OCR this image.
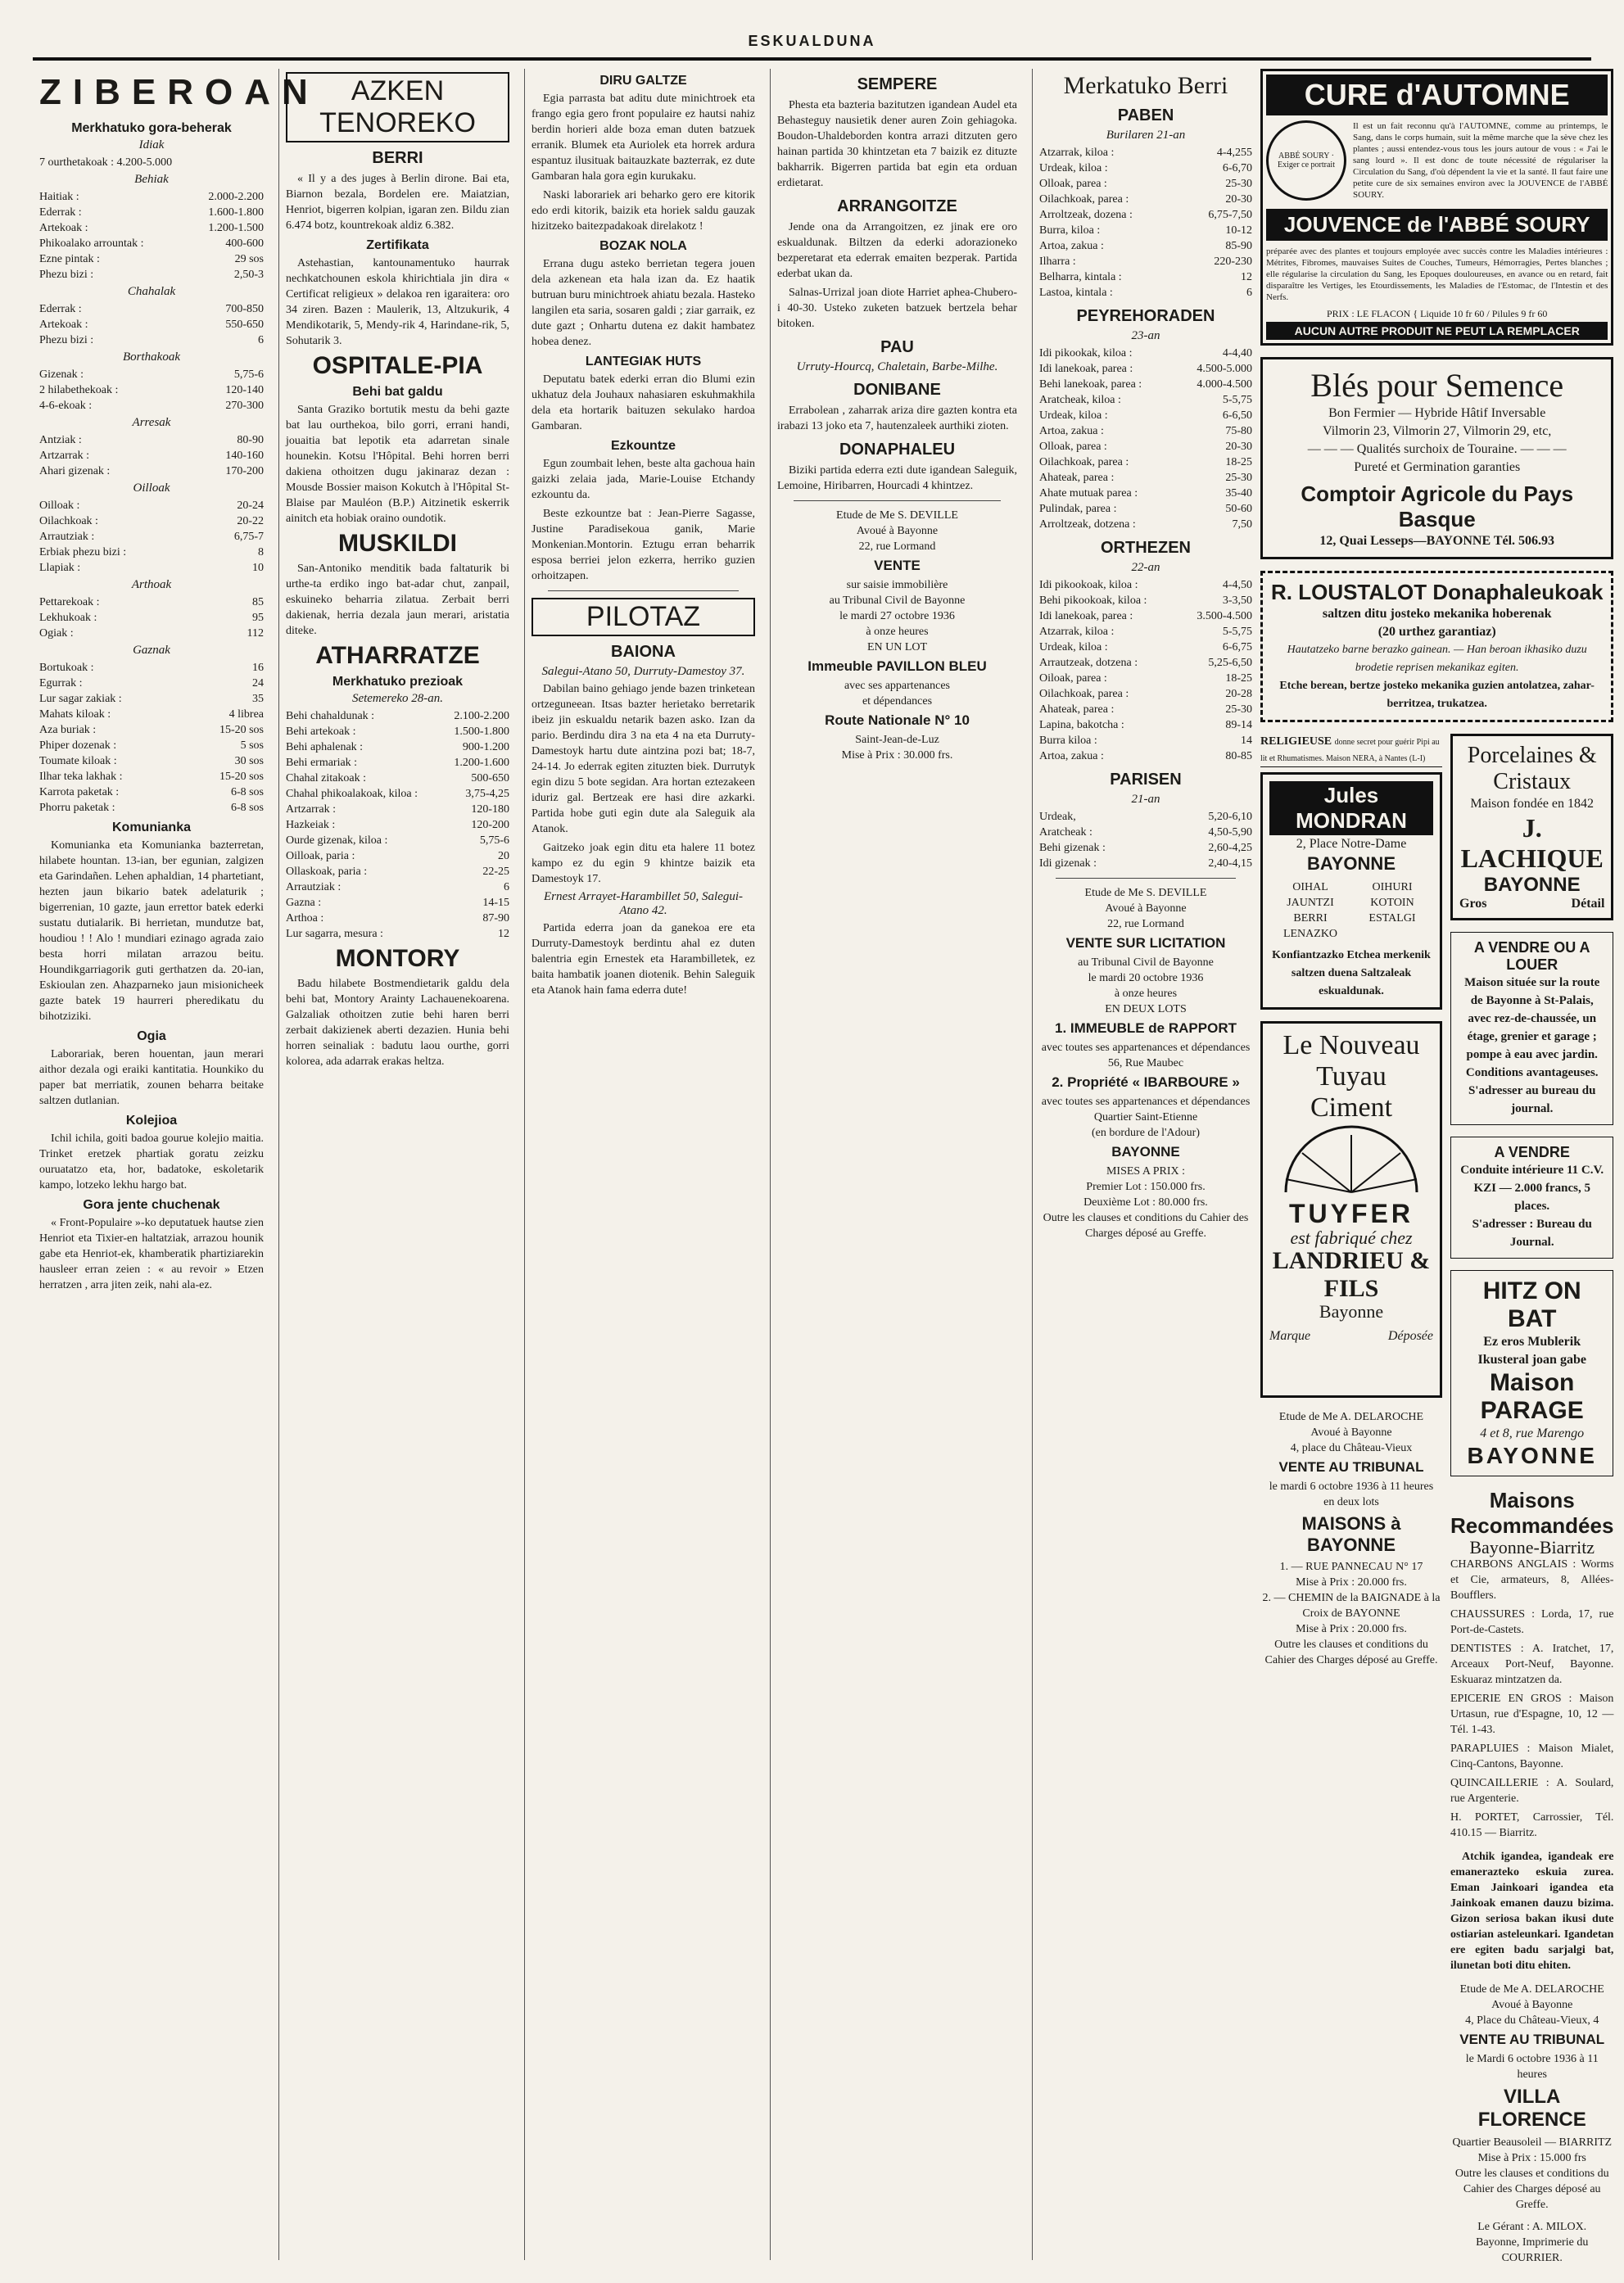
ESKUALDUNA
ZIBEROAN
Merkhatuko gora-beherak
Idiak
7 ourthetakoak : 4.200-5.000
Behiak
Haitiak :	2.000-2.200
Ederrak :	1.600-1.800
Artekoak :	1.200-1.500
Phikoalako arrountak :	400-600
Ezne pintak :	29 sos
Phezu bizi :	2,50-3
Chahalak
Ederrak :	700-850
Artekoak :	550-650
Phezu bizi :	6
Borthakoak
Gizenak :	5,75-6
2 hilabethekoak :	120-140
4-6-ekoak :	270-300
Arresak
Antziak :	80-90
Artzarrak :	140-160
Ahari gizenak :	170-200
Oilloak
Oilloak :	20-24
Oilachkoak :	20-22
Arrautziak :	6,75-7
Erbiak phezu bizi :	8
Llapiak :	10
Arthoak
Pettarekoak :	85
Lekhukoak :	95
Ogiak :	112
Gaznak
Bortukoak :	16
Egurrak :	24
Lur sagar zakiak :	35
Mahats kiloak :	4 librea
Aza buriak :	15-20 sos
Phiper dozenak :	5 sos
Toumate kiloak :	30 sos
Ilhar teka lakhak :	15-20 sos
Karrota paketak :	6-8 sos
Phorru paketak :	6-8 sos
Komunianka

Komunianka eta Komunianka bazterretan, hilabete hountan. 13-ian, ber egunian, zalgizen eta Garindañen. Lehen aphaldian, 14 phartetiant, hezten jaun bikario batek adelaturik ; bigerrenian, 10 gazte, jaun errettor batek ederki sustatu dutialarik. Bi herrietan, mundutze bat, houdiou ! ! Alo ! mundiari ezinago agrada zaio besta horri milatan arrazou beitu. Houndikgarriagorik guti gerthatzen da. 20-ian, Eskioulan zen. Ahazparneko jaun misionicheek gazte batek 19 haurreri pheredikatu du bihotziziki.

Ogia

Laborariak, beren houentan, jaun merari aithor dezala ogi eraiki kantitatia. Hounkiko du paper bat merriatik, zounen beharra beitake saltzen dutlanian.

Kolejioa

Ichil ichila, goiti badoa gourue kolejio maitia. Trinket eretzek phartiak goratu zeizku ouruatatzo eta, hor, badatoke, eskoletarik kampo, lotzeko lekhu hargo bat.

Gora jente chuchenak

« Front-Populaire »-ko deputatuek hautse zien Henriot eta Tixier-en haltatziak, arrazou hounik gabe eta Henriot-ek, khamberatik phartiziarekin hausleer erran zeien : « au revoir » Etzen herratzen , arra jiten zeik, nahi ala-ez.

AZKEN TENOREKO
BERRI

« Il y a des juges à Berlin dirone. Bai eta, Biarnon bezala, Bordelen ere. Maiatzian, Henriot, bigerren kolpian, igaran zen. Bildu zian 6.474 botz, kountrekoak aldiz 6.382.

Zertifikata

Astehastian, kantounamentuko haurrak nechkatchounen eskola khirichtiala jin dira « Certificat religieux » delakoa ren igaraitera: oro 34 ziren. Bazen : Maulerik, 13, Altzukurik, 4 Mendikotarik, 5, Mendy-rik 4, Harindane-rik, 5, Sohutarik 3.

OSPITALE-PIA
Behi bat galdu

Santa Graziko bortutik mestu da behi gazte bat lau ourthekoa, bilo gorri, errani handi, jouaitia bat lepotik eta adarretan sinale hounekin. Kotsu l'Hôpital. Behi horren berri dakiena othoitzen dugu jakinaraz dezan : Mousde Bossier maison Kokutch à l'Hôpital St-Blaise par Mauléon (B.P.) Aitzinetik eskerrik ainitch eta hobiak oraino oundotik.

MUSKILDI

San-Antoniko menditik bada faltaturik bi urthe-ta erdiko ingo bat-adar chut, zanpail, eskuineko beharria zilatua. Zerbait berri dakienak, herria dezala jaun merari, aristatia diteke.

ATHARRATZE
Merkhatuko prezioak
Setemereko 28-an.
Behi chahaldunak :	2.100-2.200
Behi artekoak :	1.500-1.800
Behi aphalenak :	900-1.200
Behi ermariak :	1.200-1.600
Chahal zitakoak :	500-650
Chahal phikoalakoak, kiloa :	3,75-4,25
Artzarrak :	120-180
Hazkeiak :	120-200
Ourde gizenak, kiloa :	5,75-6
Oilloak, paria :	20
Ollaskoak, paria :	22-25
Arrautziak :	6
Gazna :	14-15
Arthoa :	87-90
Lur sagarra, mesura :	12
MONTORY

Badu hilabete Bostmendietarik galdu dela behi bat, Montory Arainty Lachauenekoarena. Galzaliak othoitzen zutie behi haren berri zerbait dakizienek aberti dezazien. Hunia behi horren seinaliak : badutu laou ourthe, gorri kolorea, ada adarrak erakas heltza.

DIRU GALTZE

Egia parrasta bat aditu dute minichtroek eta frango egia gero front populaire ez hautsi nahiz berdin horieri alde boza eman duten batzuek erranik. Blumek eta Auriolek eta horrek ardura espantuz ilusituak baitauzkate bazterrak, ez dute Gambaran hala gora egin kurukaku.

Naski laborariek ari beharko gero ere kitorik edo erdi kitorik, baizik eta horiek saldu gauzak hizitzeko baitezpadakoak direlakotz !

BOZAK NOLA

Errana dugu asteko berrietan tegera jouen dela azkenean eta hala izan da. Ez haatik butruan buru minichtroek ahiatu bezala. Hasteko langilen eta saria, sosaren galdi ; ziar garraik, ez dute gazt ; Onhartu dutena ez dakit hambatez hobea denez.

LANTEGIAK HUTS

Deputatu batek ederki erran dio Blumi ezin ukhatuz dela Jouhaux nahasiaren eskuhmakhila dela eta hortarik baituzen sekulako hardoa Gambaran.

Ezkountze

Egun zoumbait lehen, beste alta gachoua hain gaizki zelaia jada, Marie-Louise Etchandy ezkountu da.

Beste ezkountze bat : Jean-Pierre Sagasse, Justine Paradisekoua ganik, Marie Monkenian.Montorin. Eztugu erran beharrik esposa berriei jelon ezkerra, herriko guzien orhoitzapen.

PILOTAZ
BAIONA
Salegui-Atano 50, Durruty-Damestoy 37.

Dabilan baino gehiago jende bazen trinketean ortzeguneean. Itsas bazter herietako berretarik ibeiz jin eskualdu netarik bazen asko. Izan da pario. Berdindu dira 3 na eta 4 na eta Durruty-Damestoyk hartu dute aintzina pozi bat; 18-7, 24-14. Jo ederrak egiten zituzten biek. Durrutyk egin dizu 5 bote segidan. Ara hortan eztezakeen iduriz gal. Bertzeak ere hasi dire azkarki. Partida hobe guti egin dute ala Saleguik ala Atanok.

Gaitzeko joak egin ditu eta halere 11 botez kampo ez du egin 9 khintze baizik eta Damestoyk 17.

Ernest Arrayet-Harambillet 50, Salegui-Atano 42.

Partida ederra joan da ganekoa ere eta Durruty-Damestoyk berdintu ahal ez duten balentria egin Ernestek eta Harambilletek, ez baita hambatik joanen diotenik. Behin Saleguik eta Atanok hain fama ederra dute!

SEMPERE

Phesta eta bazteria bazitutzen igandean Audel eta Behasteguy nausietik dener auren Zoin gehiagoka. Boudon-Uhaldeborden kontra arrazi ditzuten gero hainan partida 30 khintzetan eta 7 baizik ez dituzte bakharrik. Bigerren partida bat egin eta orduan erdietarat.

ARRANGOITZE

Jende ona da Arrangoitzen, ez jinak ere oro eskualdunak. Biltzen da ederki adorazioneko bezperetarat eta ederrak emaiten bezperak. Partida ederbat ukan da.

Salnas-Urrizal joan diote Harriet aphea-Chubero-i 40-30. Usteko zuketen batzuek bertzela behar bitoken.

PAU
Urruty-Hourcq, Chaletain, Barbe-Milhe.
DONIBANE

Errabolean , zaharrak ariza dire gazten kontra eta irabazi 13 joko eta 7, hautenzaleek aurthiki zioten.

DONAPHALEU

Biziki partida ederra ezti dute igandean Saleguik, Lemoine, Hiribarren, Hourcadi 4 khintzez.

Etude de Me S. DEVILLE
Avoué à Bayonne
22, rue Lormand
VENTE
sur saisie immobilière
au Tribunal Civil de Bayonne
le mardi 27 octobre 1936
à onze heures
EN UN LOT
Immeuble PAVILLON BLEU
avec ses appartenances
et dépendances
Route Nationale N° 10
Saint-Jean-de-Luz
Mise à Prix : 30.000 frs.
Merkatuko Berri
PABEN
Burilaren 21-an
Atzarrak, kiloa :	4-4,255
Urdeak, kiloa :	6-6,70
Olloak, parea :	25-30
Oilachkoak, parea :	20-30
Arroltzeak, dozena :	6,75-7,50
Burra, kiloa :	10-12
Artoa, zakua :	85-90
Ilharra :	220-230
Belharra, kintala :	12
Lastoa, kintala :	6
PEYREHORADEN
23-an
Idi pikookak, kiloa :	4-4,40
Idi lanekoak, parea :	4.500-5.000
Behi lanekoak, parea :	4.000-4.500
Aratcheak, kiloa :	5-5,75
Urdeak, kiloa :	6-6,50
Artoa, zakua :	75-80
Olloak, parea :	20-30
Oilachkoak, parea :	18-25
Ahateak, parea :	25-30
Ahate mutuak parea :	35-40
Pulindak, parea :	50-60
Arroltzeak, dotzena :	7,50
ORTHEZEN
22-an
Idi pikookoak, kiloa :	4-4,50
Behi pikookoak, kiloa :	3-3,50
Idi lanekoak, parea :	3.500-4.500
Atzarrak, kiloa :	5-5,75
Urdeak, kiloa :	6-6,75
Arrautzeak, dotzena :	5,25-6,50
Oiloak, parea :	18-25
Oilachkoak, parea :	20-28
Ahateak, parea :	25-30
Lapina, bakotcha :	89-14
Burra kiloa :	14
Artoa, zakua :	80-85
PARISEN
21-an
Urdeak,	5,20-6,10
Aratcheak :	4,50-5,90
Behi gizenak :	2,60-4,25
Idi gizenak :	2,40-4,15
Etude de Me S. DEVILLE
Avoué à Bayonne
22, rue Lormand
VENTE SUR LICITATION
au Tribunal Civil de Bayonne
le mardi 20 octobre 1936
à onze heures
EN DEUX LOTS
1. IMMEUBLE de RAPPORT
avec toutes ses appartenances et dépendances
56, Rue Maubec
2. Propriété « IBARBOURE »
avec toutes ses appartenances et dépendances
Quartier Saint-Etienne
(en bordure de l'Adour)
BAYONNE
MISES A PRIX :
Premier Lot : 150.000 frs.
Deuxième Lot : 80.000 frs.
Outre les clauses et conditions du Cahier des Charges déposé au Greffe.
CURE d'AUTOMNE
ABBÉ SOURY · Exiger ce portrait
Il est un fait reconnu qu'à l'AUTOMNE, comme au printemps, le Sang, dans le corps humain, suit la même marche que la sève chez les plantes ; aussi entendez-vous tous les jours autour de vous : « J'ai le sang lourd ». Il est donc de toute nécessité de régulariser la Circulation du Sang, d'où dépendent la vie et la santé. Il faut faire une petite cure de six semaines environ avec la JOUVENCE de l'ABBÉ SOURY.
JOUVENCE de l'ABBÉ SOURY
préparée avec des plantes et toujours employée avec succès contre les Maladies intérieures : Métrites, Fibromes, mauvaises Suites de Couches, Tumeurs, Hémorragies, Pertes blanches ; elle régularise la circulation du Sang, les Epoques douloureuses, en avance ou en retard, fait disparaître les Vertiges, les Etourdissements, les Maladies de l'Estomac, de l'Intestin et des Nerfs.
PRIX : LE FLACON { Liquide 10 fr 60 / Pilules 9 fr 60
AUCUN AUTRE PRODUIT NE PEUT LA REMPLACER
Blés pour Semence
Bon Fermier — Hybride Hâtif Inversable
Vilmorin 23, Vilmorin 27, Vilmorin 29, etc,
— — — Qualités surchoix de Touraine. — — —
Pureté et Germination garanties
Comptoir Agricole du Pays Basque
12, Quai Lesseps—BAYONNE Tél. 506.93
R. LOUSTALOT Donaphaleukoak
saltzen ditu josteko mekanika hoberenak
(20 urthez garantiaz)
Hautatzeko barne berazko gainean. — Han beroan ikhasiko duzu brodetie reprisen mekanikaz egiten.
Etche berean, bertze josteko mekanika guzien antolatzea, zahar-berritzea, trukatzea.
RELIGIEUSE donne secret pour guérir Pipi au lit et Rhumatismes. Maison NERA, à Nantes (L-I)
Jules MONDRAN
2, Place Notre-Dame
BAYONNE
OIHAL JAUNTZI BERRI LENAZKO
OIHURI KOTOIN ESTALGI
Konfiantzazko Etchea merkenik saltzen duena Saltzaleak eskualdunak.
Le Nouveau
Tuyau
Ciment
TUYFER
est fabriqué chez
LANDRIEU & FILS
Bayonne
Marque	Déposée
Etude de Me A. DELAROCHE
Avoué à Bayonne
4, place du Château-Vieux
VENTE AU TRIBUNAL
le mardi 6 octobre 1936 à 11 heures
en deux lots
MAISONS à BAYONNE
1. — RUE PANNECAU N° 17
Mise à Prix : 20.000 frs.
2. — CHEMIN de la BAIGNADE à la Croix de BAYONNE
Mise à Prix : 20.000 frs.
Outre les clauses et conditions du Cahier des Charges déposé au Greffe.
Porcelaines & Cristaux
Maison fondée en 1842
J. LACHIQUE
BAYONNE
Gros	Détail
A VENDRE OU A LOUER
Maison située sur la route de Bayonne à St-Palais, avec rez-de-chaussée, un étage, grenier et garage ; pompe à eau avec jardin. Conditions avantageuses.
S'adresser au bureau du journal.
A VENDRE
Conduite intérieure 11 C.V. KZI — 2.000 francs, 5 places.
S'adresser : Bureau du Journal.
HITZ ON BAT
Ez eros Mublerik Ikusteral joan gabe
Maison PARAGE
4 et 8, rue Marengo
BAYONNE
Maisons Recommandées
Bayonne-Biarritz
CHARBONS ANGLAIS : Worms et Cie, armateurs, 8, Allées-Boufflers.
CHAUSSURES : Lorda, 17, rue Port-de-Castets.
DENTISTES : A. Iratchet, 17, Arceaux Port-Neuf, Bayonne. Eskuaraz mintzatzen da.
EPICERIE EN GROS : Maison Urtasun, rue d'Espagne, 10, 12 — Tél. 1-43.
PARAPLUIES : Maison Mialet, Cinq-Cantons, Bayonne.
QUINCAILLERIE : A. Soulard, rue Argenterie.
H. PORTET, Carrossier, Tél. 410.15 — Biarritz.
Atchik igandea, igandeak ere emanerazteko eskuia zurea. Eman Jainkoari igandea eta Jainkoak emanen dauzu bizima. Gizon seriosa bakan ikusi dute ostiarian asteleunkari. Igandetan ere egiten badu sarjalgi bat, ilunetan boti ditu ehiten.
Etude de Me A. DELAROCHE
Avoué à Bayonne
4, Place du Château-Vieux, 4
VENTE AU TRIBUNAL
le Mardi 6 octobre 1936 à 11 heures
VILLA FLORENCE
Quartier Beausoleil — BIARRITZ
Mise à Prix : 15.000 frs
Outre les clauses et conditions du Cahier des Charges déposé au Greffe.
Le Gérant : A. MILOX.
Bayonne, Imprimerie du COURRIER.
